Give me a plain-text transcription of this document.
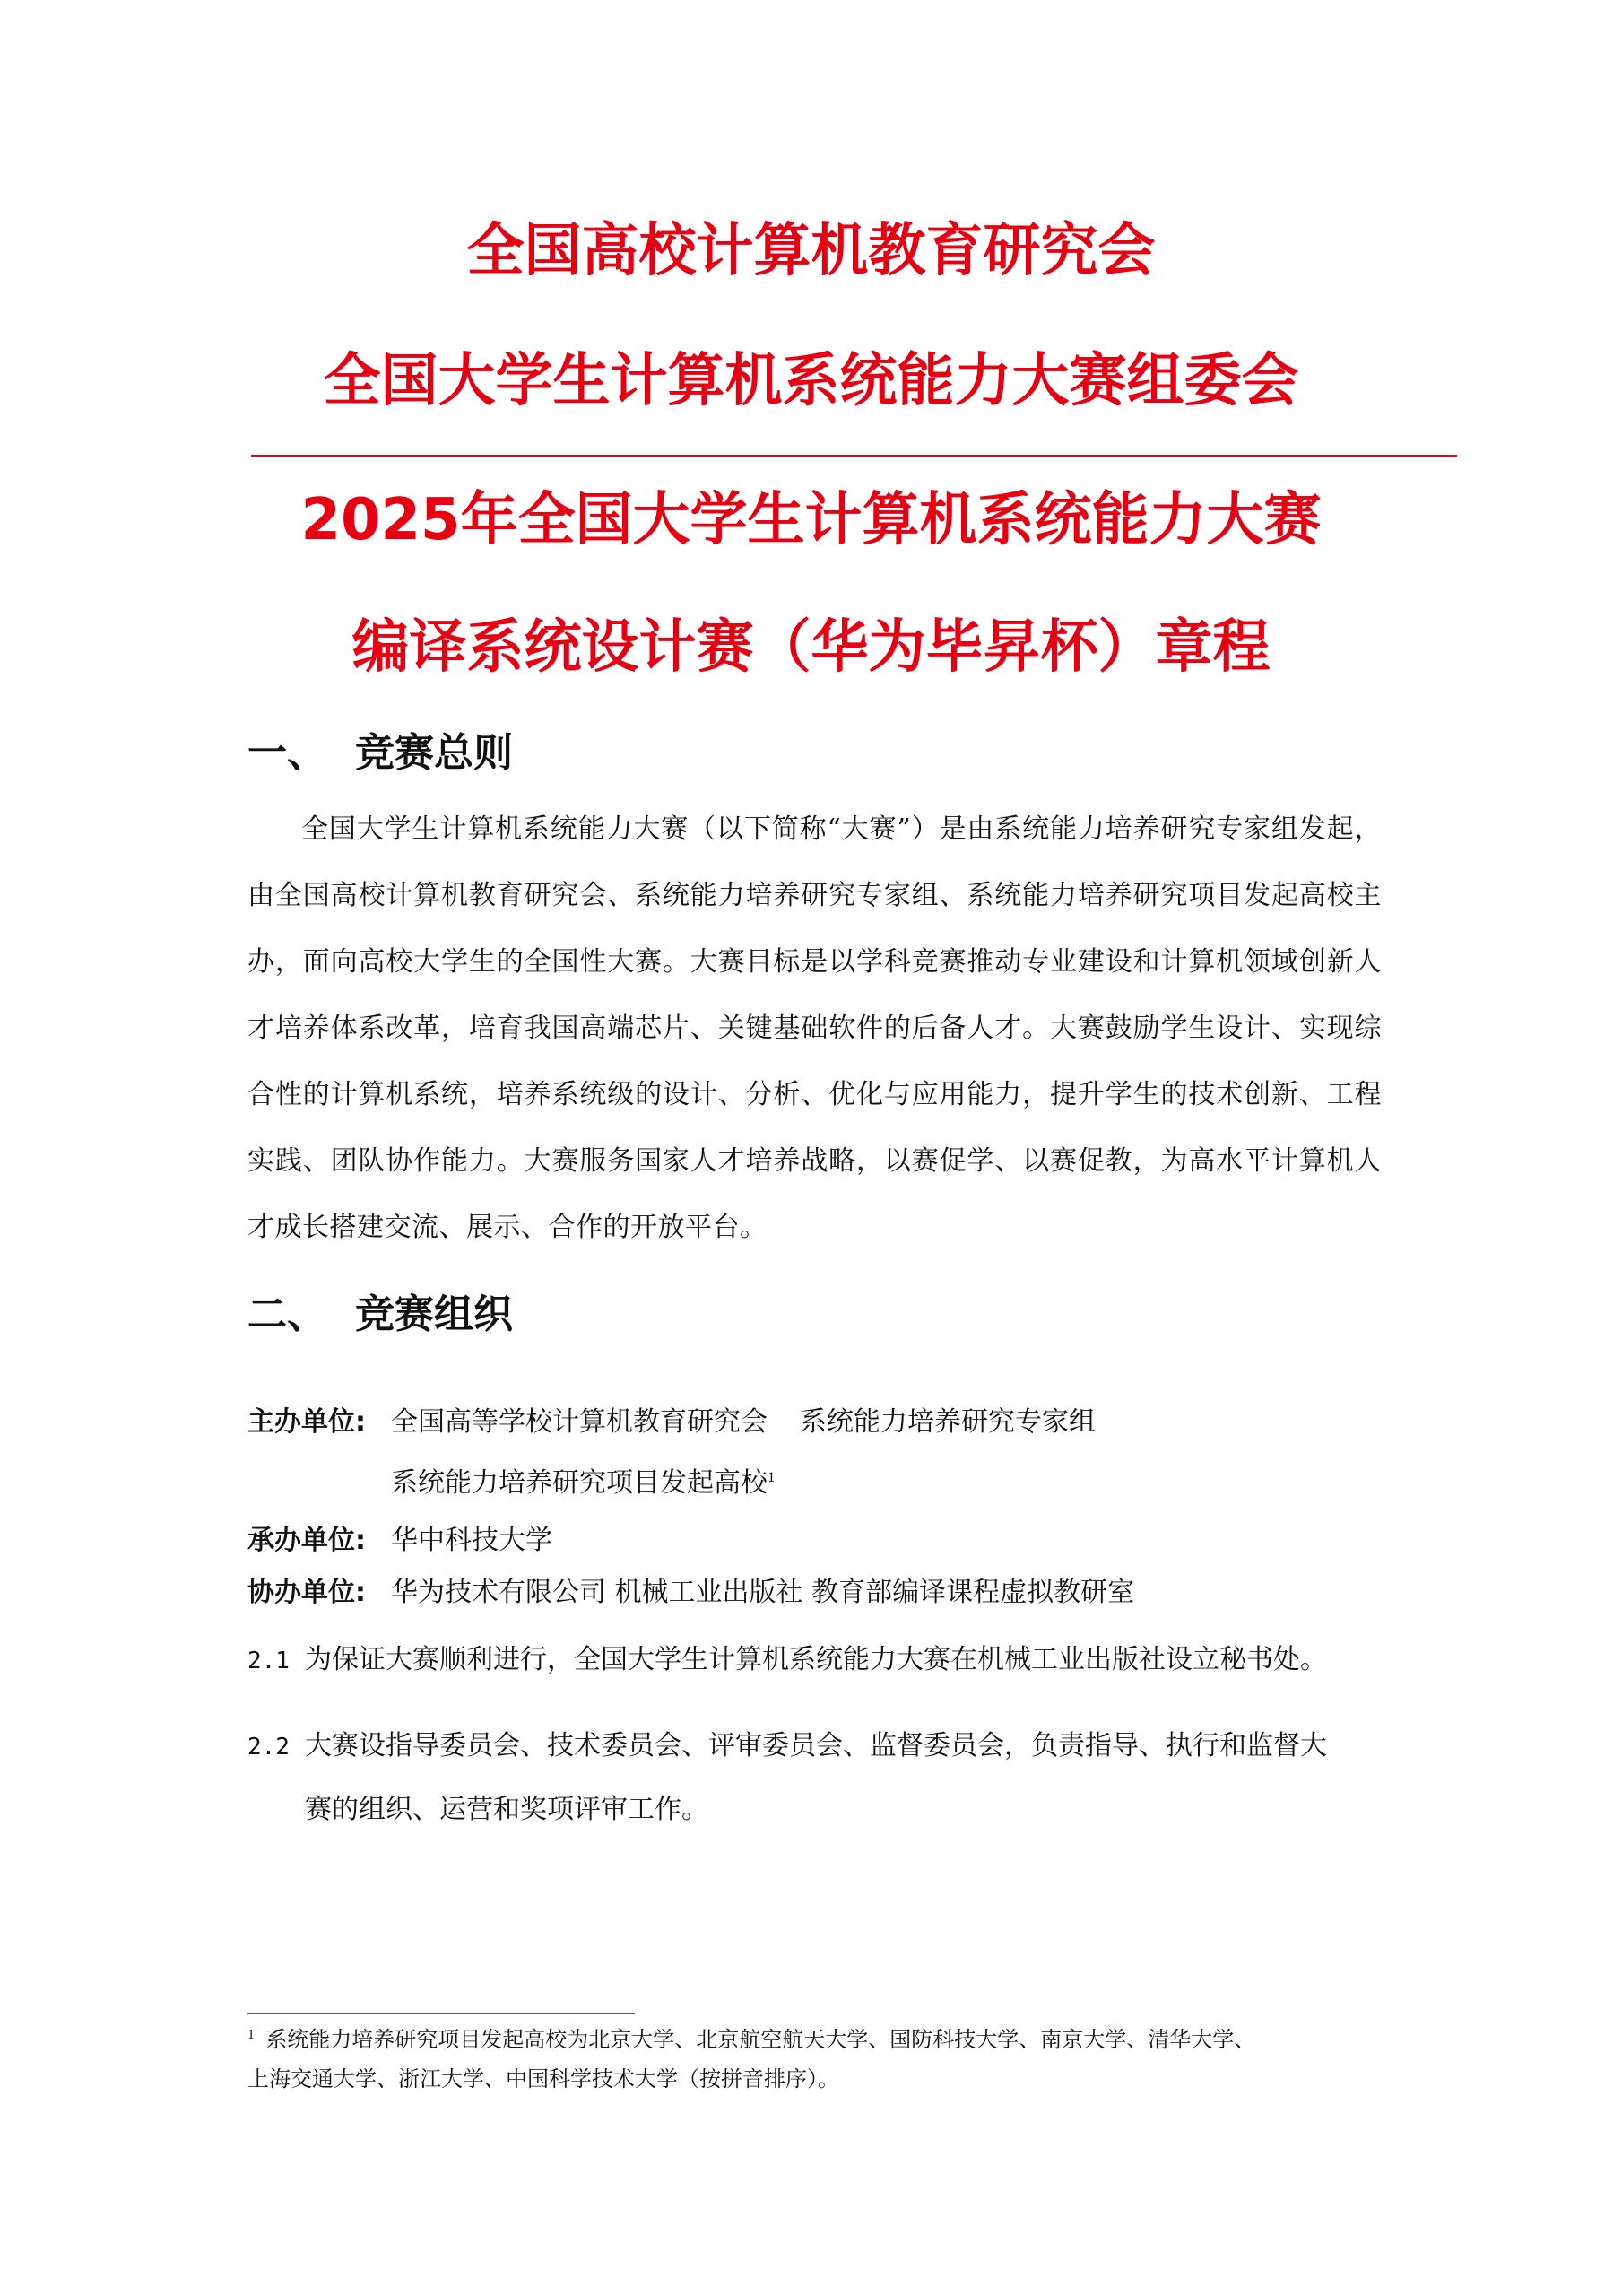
全国高校计算机教育研究会
全国大学生计算机系统能力大赛组委会
2025年全国大学生计算机系统能力大赛
编译系统设计赛（华为毕昇杯）章程
一、 竞赛总则
全国大学生计算机系统能力大赛（以下简称“大赛”）是由系统能力培养研究专家组发起，由全国高校计算机教育研究会、系统能力培养研究专家组、系统能力培养研究项目发起高校主办，面向高校大学生的全国性大赛。大赛目标是以学科竞赛推动专业建设和计算机领域创新人才培养体系改革，培育我国高端芯片、关键基础软件的后备人才。大赛鼓励学生设计、实现综合性的计算机系统，培养系统级的设计、分析、优化与应用能力，提升学生的技术创新、工程实践、团队协作能力。大赛服务国家人才培养战略，以赛促学、以赛促教，为高水平计算机人才成长搭建交流、展示、合作的开放平台。
二、 竞赛组织
主办单位: 全国高等学校计算机教育研究会 系统能力培养研究专家组
系统能力培养研究项目发起高校$^1$
承办单位: 华中科技大学
协办单位: 华为技术有限公司 机械工业出版社 教育部编译课程虚拟教研室
2.1 为保证大赛顺利进行，全国大学生计算机系统能力大赛在机械工业出版社设立秘书处。
2.2 大赛设指导委员会、技术委员会、评审委员会、监督委员会，负责指导、执行和监督大
赛的组织、运营和奖项评审工作。
$^1$ 系统能力培养研究项目发起高校为北京大学、北京航空航天大学、国防科技大学、南京大学、清华大学、
上海交通大学、浙江大学、中国科学技术大学（按拼音排序）。
